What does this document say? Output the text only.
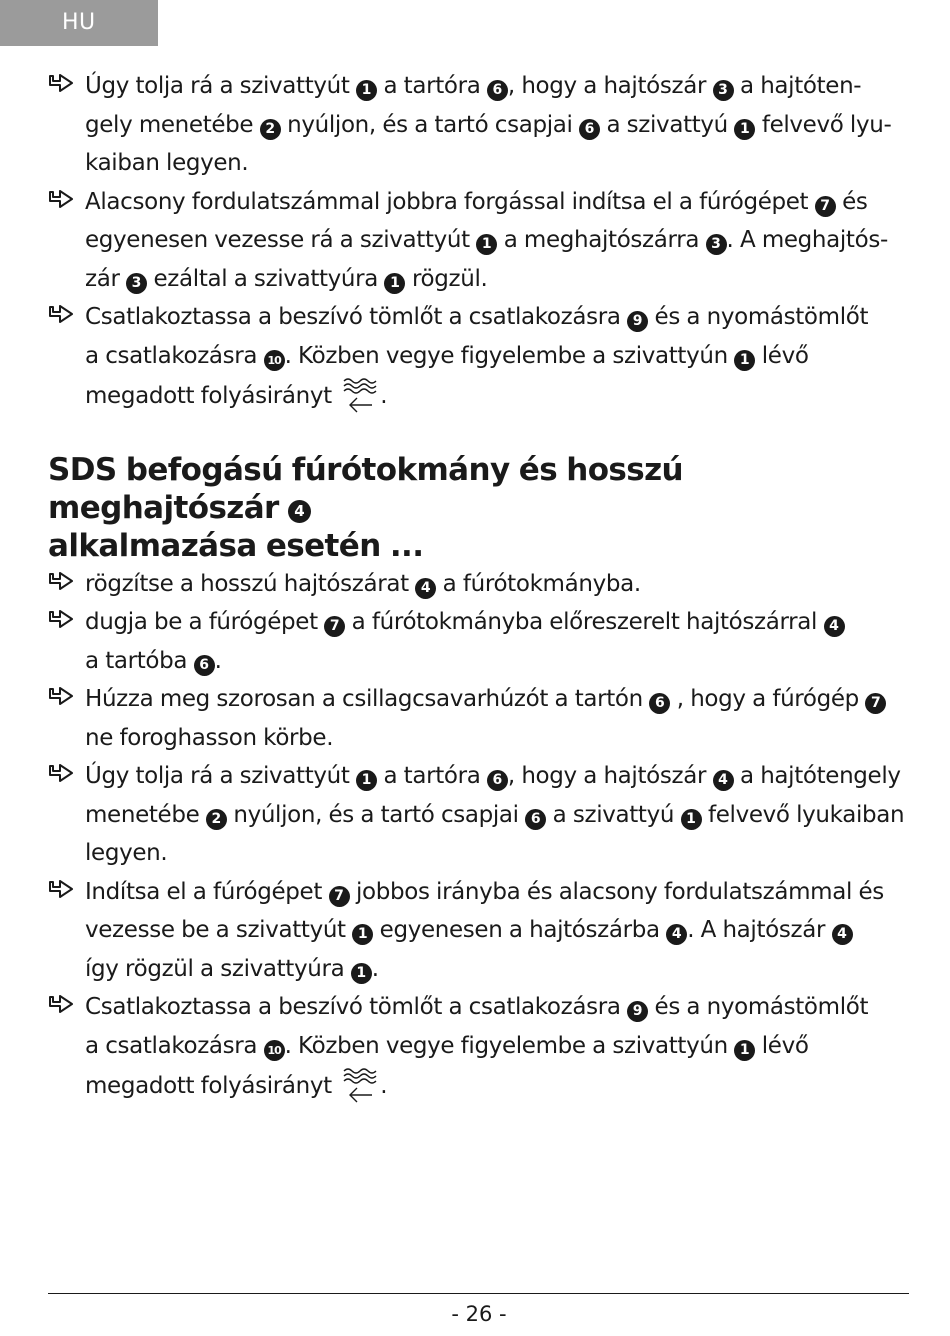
HU
Úgy tolja rá a szivattyút 1 a tartóra 6 , hogy a hajtószár 3 a hajtóten-
gely menetébe 2 nyúljon, és a tartó csapjai 6 a szivattyú 1 felvevő lyu-
kaiban legyen.
Alacsony fordulatszámmal jobbra forgással indítsa el a fúrógépet 7 és
egyenesen vezesse rá a szivattyút 1 a meghajtószárra 3 . A meghajtós-
zár 3 ezáltal a szivattyúra 1 rögzül.
Csatlakoztassa a beszívó tömlőt a csatlakozásra 9 és a nyomástömlőt
a csatlakozásra 10 . Közben vegye figyelembe a szivattyún 1 lévő
megadott folyásirányt
.
SDS befogású fúrótokmány és hosszú meghajtószár 4
alkalmazása esetén ...
rögzítse a hosszú hajtószárat 4 a fúrótokmányba.
dugja be a fúrógépet 7 a fúrótokmányba előreszerelt hajtószárral 4
a tartóba 6 .
Húzza meg szorosan a csillagcsavarhúzót a tartón 6 , hogy a fúrógép 7
ne foroghasson körbe.
Úgy tolja rá a szivattyút 1 a tartóra 6 , hogy a hajtószár 4 a hajtótengely
menetébe 2 nyúljon, és a tartó csapjai 6 a szivattyú 1 felvevő lyukaiban
legyen.
Indítsa el a fúrógépet 7 jobbos irányba és alacsony fordulatszámmal és
vezesse be a szivattyút 1 egyenesen a hajtószárba 4 . A hajtószár 4
így rögzül a szivattyúra 1 .
Csatlakoztassa a beszívó tömlőt a csatlakozásra 9 és a nyomástömlőt
a csatlakozásra 10 . Közben vegye figyelembe a szivattyún 1 lévő
megadott folyásirányt
.
- 26 -
